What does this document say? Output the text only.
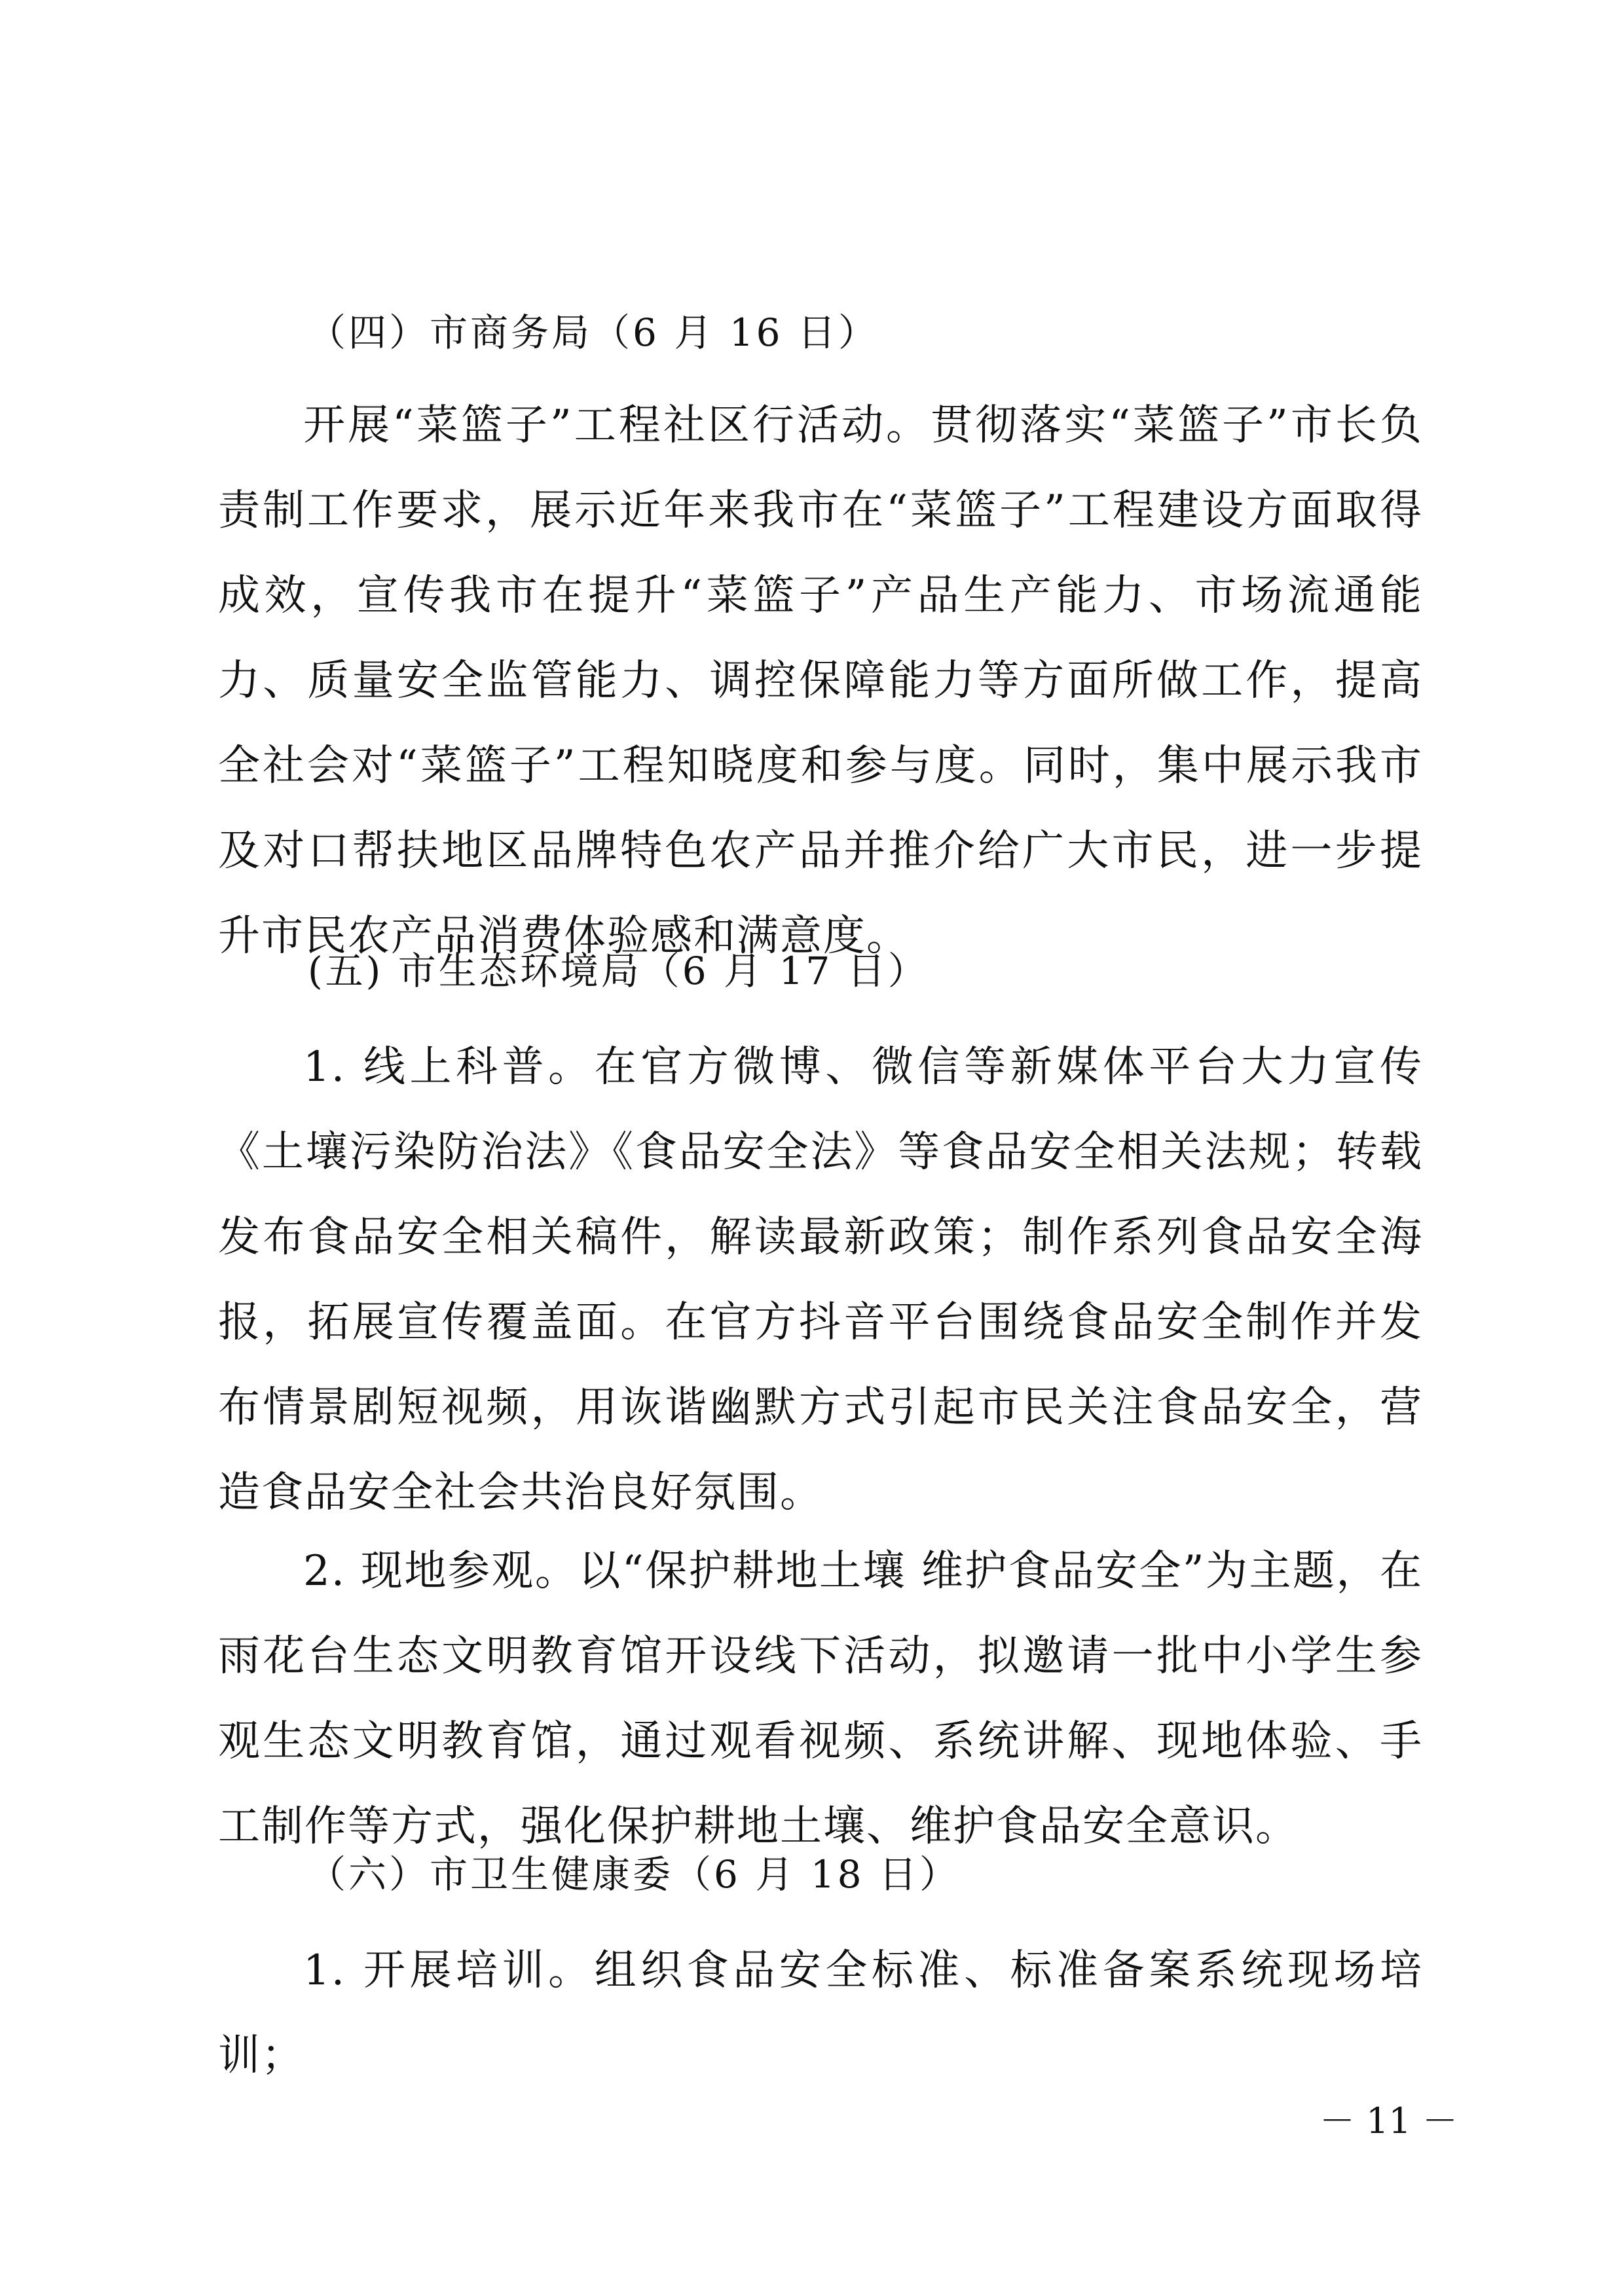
（四）市商务局（6 月 16 日）
开展“菜篮子”工程社区行活动。贯彻落实“菜篮子”市长负责制工作要求，展示近年来我市在“菜篮子”工程建设方面取得成效，宣传我市在提升“菜篮子”产品生产能力、市场流通能力、质量安全监管能力、调控保障能力等方面所做工作，提高全社会对“菜篮子”工程知晓度和参与度。同时，集中展示我市及对口帮扶地区品牌特色农产品并推介给广大市民，进一步提升市民农产品消费体验感和满意度。
(五) 市生态环境局（6 月 17 日）
1. 线上科普。在官方微博、微信等新媒体平台大力宣传《土壤污染防治法》《食品安全法》等食品安全相关法规；转载发布食品安全相关稿件，解读最新政策；制作系列食品安全海报，拓展宣传覆盖面。在官方抖音平台围绕食品安全制作并发布情景剧短视频，用诙谐幽默方式引起市民关注食品安全，营造食品安全社会共治良好氛围。
2. 现地参观。以“保护耕地土壤 维护食品安全”为主题，在雨花台生态文明教育馆开设线下活动，拟邀请一批中小学生参观生态文明教育馆，通过观看视频、系统讲解、现地体验、手工制作等方式，强化保护耕地土壤、维护食品安全意识。
（六）市卫生健康委（6 月 18 日）
1. 开展培训。组织食品安全标准、标准备案系统现场培训；
－ 11 －
